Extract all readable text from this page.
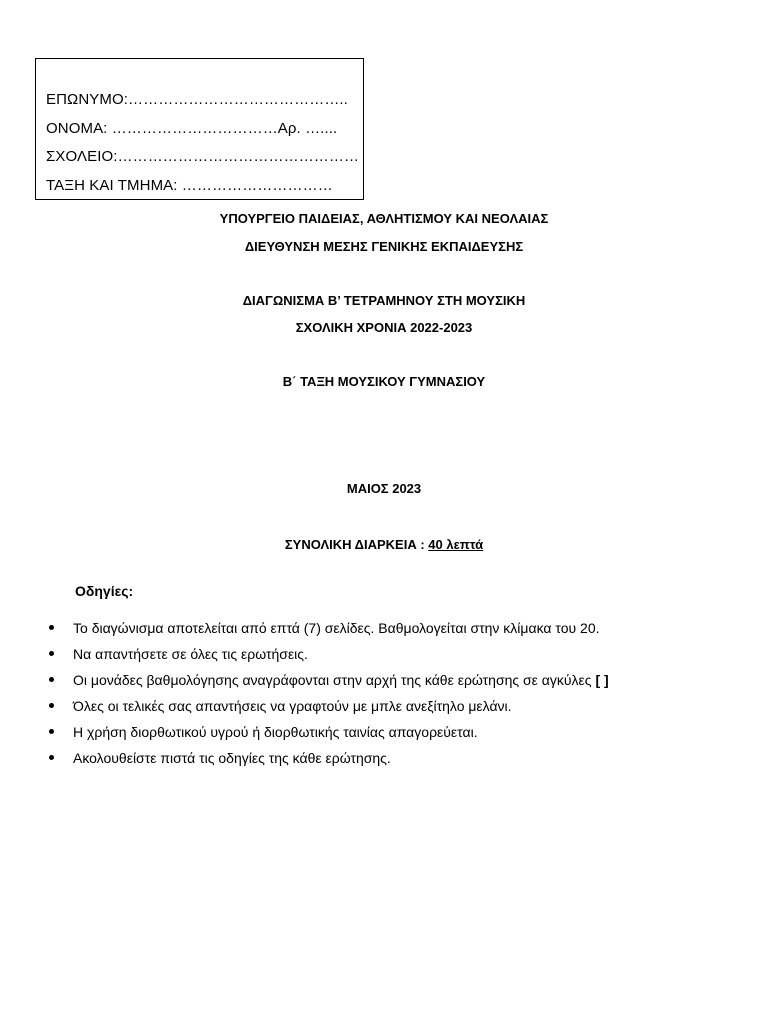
ΕΠΩΝΥΜΟ:……………………………………..
ΟΝΟΜΑ: ……………………………Αρ. …....
ΣΧΟΛΕΙΟ:…………………………………………
ΤΑΞΗ ΚΑΙ ΤΜΗΜΑ: …………………………
ΥΠΟΥΡΓΕΙΟ ΠΑΙΔΕΙΑΣ, ΑΘΛΗΤΙΣΜΟΥ ΚΑΙ ΝΕΟΛΑΙΑΣ
ΔΙΕΥΘΥΝΣΗ ΜΕΣΗΣ ΓΕΝΙΚΗΣ ΕΚΠΑΙΔΕΥΣΗΣ
ΔΙΑΓΩΝΙΣΜΑ Β’ ΤΕΤΡΑΜΗΝΟΥ ΣΤΗ ΜΟΥΣΙΚΗ
ΣΧΟΛΙΚΗ ΧΡΟΝΙΑ 2022-2023
Β΄ ΤΑΞΗ ΜΟΥΣΙΚΟΥ ΓΥΜΝΑΣΙΟΥ
ΜΑΙΟΣ 2023
ΣΥΝΟΛΙΚΗ ΔΙΑΡΚΕΙΑ : 40 λεπτά
Οδηγίες:
Το διαγώνισμα αποτελείται από επτά (7) σελίδες. Βαθμολογείται στην κλίμακα του 20.
Να απαντήσετε σε όλες τις ερωτήσεις.
Οι μονάδες βαθμολόγησης αναγράφονται στην αρχή της κάθε ερώτησης σε αγκύλες [ ]
Όλες οι τελικές σας απαντήσεις να γραφτούν με μπλε ανεξίτηλο μελάνι.
Η χρήση διορθωτικού υγρού ή διορθωτικής ταινίας απαγορεύεται.
Ακολουθείστε πιστά τις οδηγίες της κάθε ερώτησης.
